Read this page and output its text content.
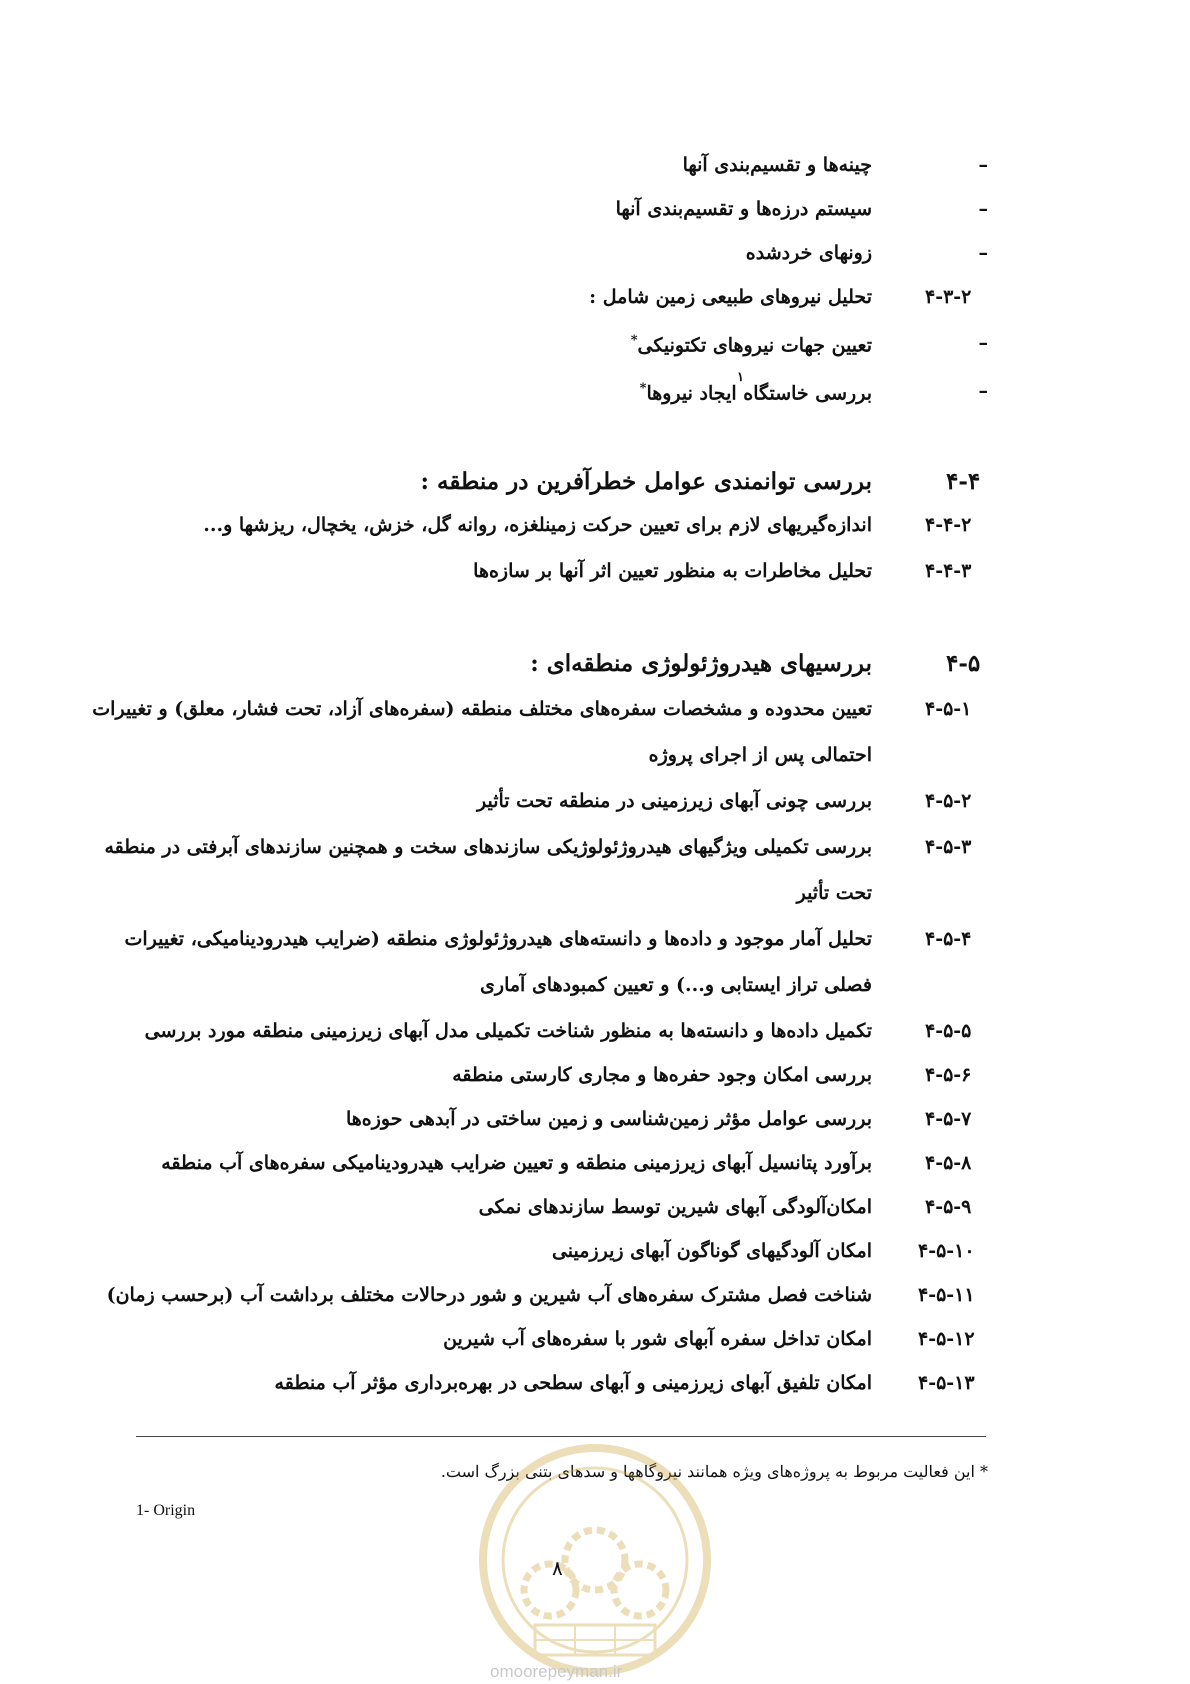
–
چینه‌ها و تقسیم‌بندی آنها
–
سیستم درزه‌ها و تقسیم‌بندی آنها
–
زونهای خردشده
۴-۳-۲
تحلیل نیروهای طبیعی زمین شامل :
–
تعیین جهات نیروهای تکتونیکی*
–
بررسی خاستگاه ایجاد نیروها*
۱
۴-۴
بررسی توانمندی عوامل خطرآفرین در منطقه :
۴-۴-۲
اندازه‌گیریهای لازم برای تعیین حرکت زمینلغزه، روانه گل، خزش، یخچال، ریزشها و...
۴-۴-۳
تحلیل مخاطرات به منظور تعیین اثر آنها بر سازه‌ها
۴-۵
بررسیهای هیدروژئولوژی منطقه‌ای :
۴-۵-۱
تعیین محدوده و مشخصات سفره‌های مختلف منطقه (سفره‌های آزاد، تحت فشار، معلق) و تغییرات
احتمالی پس از اجرای پروژه
۴-۵-۲
بررسی چونی آبهای زیرزمینی در منطقه تحت تأثیر
۴-۵-۳
بررسی تکمیلی ویژگیهای هیدروژئولوژیکی سازندهای سخت و همچنین سازندهای آبرفتی در منطقه
تحت تأثیر
۴-۵-۴
تحلیل آمار موجود و داده‌ها و دانسته‌های هیدروژئولوژی منطقه (ضرایب هیدرودینامیکی، تغییرات
فصلی تراز ایستابی و...) و تعیین کمبودهای آماری
۴-۵-۵
تکمیل داده‌ها و دانسته‌ها به منظور شناخت تکمیلی مدل آبهای زیرزمینی منطقه مورد بررسی
۴-۵-۶
بررسی امکان وجود حفره‌ها و مجاری کارستی منطقه
۴-۵-۷
بررسی عوامل مؤثر زمین‌شناسی و زمین ساختی در آبدهی حوزه‌ها
۴-۵-۸
برآورد پتانسیل آبهای زیرزمینی منطقه و تعیین ضرایب هیدرودینامیکی سفره‌های آب منطقه
۴-۵-۹
امکان‌آلودگی آبهای شیرین توسط سازندهای نمکی
۴-۵-۱۰
امکان آلودگیهای گوناگون آبهای زیرزمینی
۴-۵-۱۱
شناخت فصل مشترک سفره‌های آب شیرین و شور درحالات مختلف برداشت آب (برحسب زمان)
۴-۵-۱۲
امکان تداخل سفره آبهای شور با سفره‌های آب شیرین
۴-۵-۱۳
امکان تلفیق آبهای زیرزمینی و آبهای سطحی در بهره‌برداری مؤثر آب منطقه
* این فعالیت مربوط به پروژه‌های ویژه همانند نیروگاهها و سدهای بتنی بزرگ است.
1- Origin
۸
omoorepeyman.ir
